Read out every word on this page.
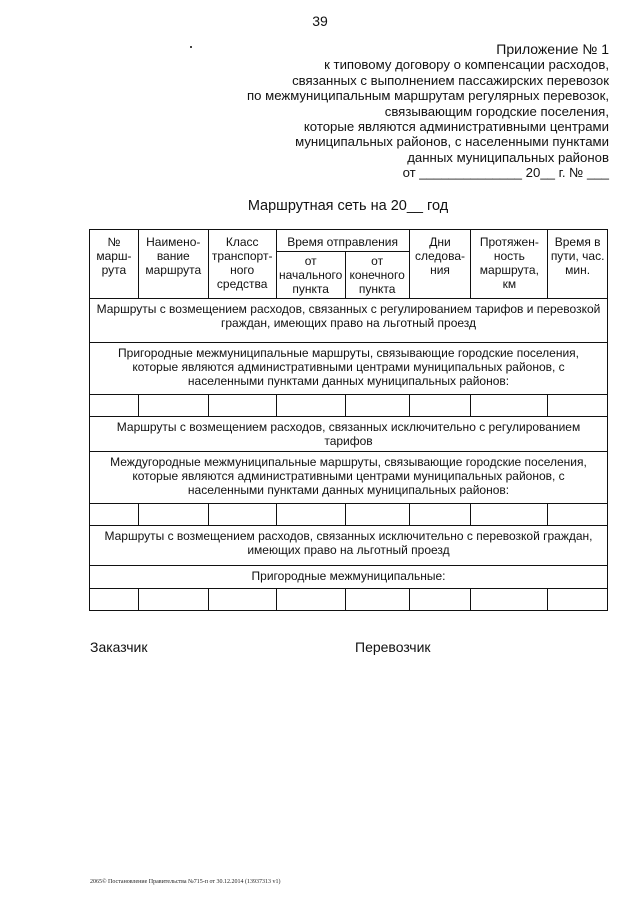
39
Приложение № 1
к типовому договору о компенсации расходов,
связанных с выполнением пассажирских перевозок
по межмуниципальным маршрутам регулярных перевозок,
связывающим городские поселения,
которые являются административными центрами
муниципальных районов, с населенными пунктами
данных муниципальных районов
от ______________ 20__ г. № ___
Маршрутная сеть на 20__ год
№ марш-рута	Наимено-вание маршрута	Класс транспорт-ного средства	Время отправления		Дни следова-ния	Протяжен-ность маршрута, км	Время в пути, час. мин.
			от начального пункта	от конечного пункта			
Маршруты с возмещением расходов, связанных с регулированием тарифов и перевозкой граждан, имеющих право на льготный проезд							
Пригородные межмуниципальные маршруты, связывающие городские поселения, которые являются административными центрами муниципальных районов, с населенными пунктами данных муниципальных районов:							

Маршруты с возмещением расходов, связанных исключительно с регулированием тарифов							
Междугородные межмуниципальные маршруты, связывающие городские поселения, которые являются административными центрами муниципальных районов, с населенными пунктами данных муниципальных районов:							

Маршруты с возмещением расходов, связанных исключительно с перевозкой граждан, имеющих право на льготный проезд							
Пригородные межмуниципальные:							

Заказчик	Перевозчик
2065© Постановление Правительства №715-п от 30.12.2014 (13937313 v1)
